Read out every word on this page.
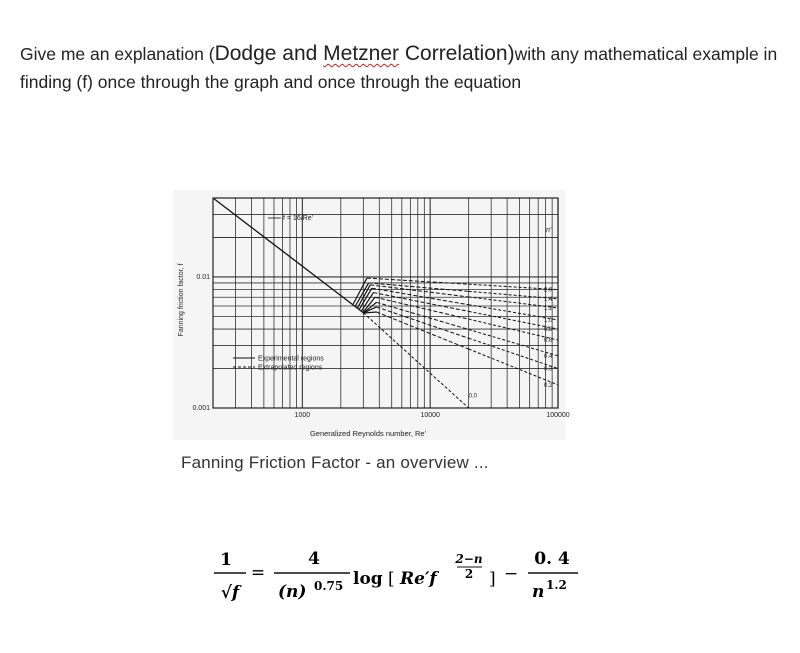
Give me an explanation (Dodge and Metzner Correlation)with any mathematical example in finding (f) once through the graph and once through the equation
n'
2.0
1.4
1.2
1.0
0.8
0.6
0.4
0.3
0.2
f = 16/Re'
Experimental regions
Extrapolated regions
0.0
1000	10000	100000
0.01
0.001
Generalized Reynolds number, Re'
Fanning friction factor, f
Fanning Friction Factor - an overview ...
1
√f
=
4
(n) 0.75 log [ Re′f
2−n
2 ] −
0. 4
n 1.2
